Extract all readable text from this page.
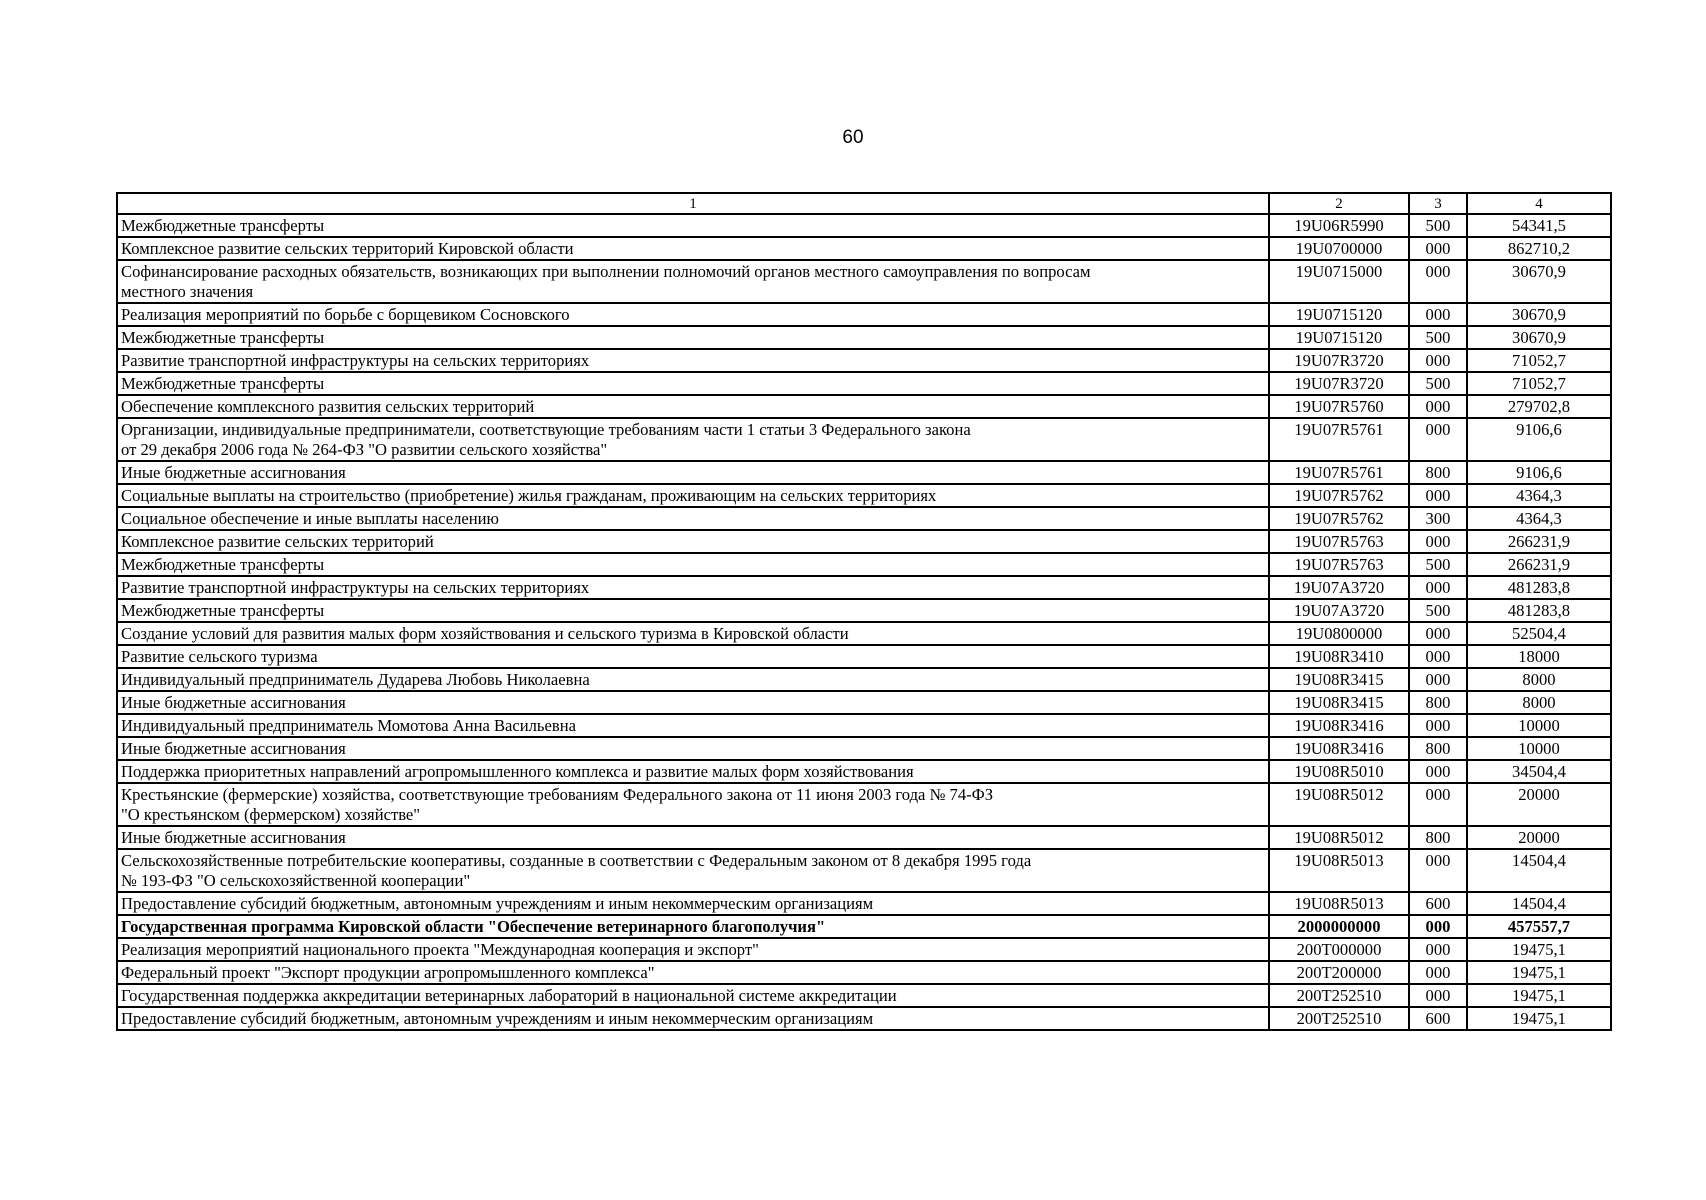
60
1	2	3	4
Межбюджетные трансферты	19U06R5990	500	54341,5
Комплексное развитие сельских территорий Кировской области	19U0700000	000	862710,2
Софинансирование расходных обязательств, возникающих при выполнении полномочий органов местного самоуправления по вопросам
местного значения	19U0715000	000	30670,9
Реализация мероприятий по борьбе с борщевиком Сосновского	19U0715120	000	30670,9
Межбюджетные трансферты	19U0715120	500	30670,9
Развитие транспортной инфраструктуры на сельских территориях	19U07R3720	000	71052,7
Межбюджетные трансферты	19U07R3720	500	71052,7
Обеспечение комплексного развития сельских территорий	19U07R5760	000	279702,8
Организации, индивидуальные предприниматели, соответствующие требованиям части 1 статьи 3 Федерального закона
от 29 декабря 2006 года № 264-ФЗ "О развитии сельского хозяйства"	19U07R5761	000	9106,6
Иные бюджетные ассигнования	19U07R5761	800	9106,6
Социальные выплаты на строительство (приобретение) жилья гражданам, проживающим на сельских территориях	19U07R5762	000	4364,3
Социальное обеспечение и иные выплаты населению	19U07R5762	300	4364,3
Комплексное развитие сельских территорий	19U07R5763	000	266231,9
Межбюджетные трансферты	19U07R5763	500	266231,9
Развитие транспортной инфраструктуры на сельских территориях	19U07A3720	000	481283,8
Межбюджетные трансферты	19U07A3720	500	481283,8
Создание условий для развития малых форм хозяйствования и сельского туризма в Кировской области	19U0800000	000	52504,4
Развитие сельского туризма	19U08R3410	000	18000
Индивидуальный предприниматель Дударева Любовь Николаевна	19U08R3415	000	8000
Иные бюджетные ассигнования	19U08R3415	800	8000
Индивидуальный предприниматель Момотова Анна Васильевна	19U08R3416	000	10000
Иные бюджетные ассигнования	19U08R3416	800	10000
Поддержка приоритетных направлений агропромышленного комплекса и развитие малых форм хозяйствования	19U08R5010	000	34504,4
Крестьянские (фермерские) хозяйства, соответствующие требованиям Федерального закона от 11 июня 2003 года № 74-ФЗ
"О крестьянском (фермерском) хозяйстве"	19U08R5012	000	20000
Иные бюджетные ассигнования	19U08R5012	800	20000
Сельскохозяйственные потребительские кооперативы, созданные в соответствии с Федеральным законом от 8 декабря 1995 года
№ 193-ФЗ "О сельскохозяйственной кооперации"	19U08R5013	000	14504,4
Предоставление субсидий бюджетным, автономным учреждениям и иным некоммерческим организациям	19U08R5013	600	14504,4
Государственная программа Кировской области "Обеспечение ветеринарного благополучия"	2000000000	000	457557,7
Реализация мероприятий национального проекта "Международная кооперация и экспорт"	200T000000	000	19475,1
Федеральный проект "Экспорт продукции агропромышленного комплекса"	200T200000	000	19475,1
Государственная поддержка аккредитации ветеринарных лабораторий в национальной системе аккредитации	200T252510	000	19475,1
Предоставление субсидий бюджетным, автономным учреждениям и иным некоммерческим организациям	200T252510	600	19475,1
